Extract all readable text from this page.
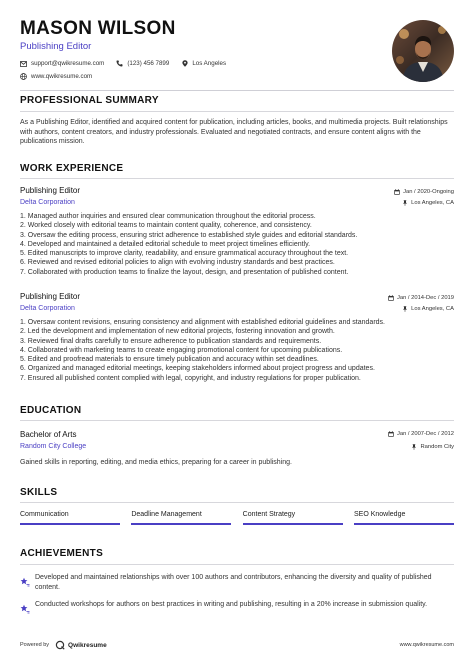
MASON WILSON
Publishing Editor
support@qwikresume.com	(123) 456 7899	Los Angeles
www.qwikresume.com
PROFESSIONAL SUMMARY
As a Publishing Editor, identified and acquired content for publication, including articles, books, and multimedia projects. Built relationships with authors, content creators, and industry professionals. Evaluated and negotiated contracts, and ensure content aligns with the publications mission.
WORK EXPERIENCE
Publishing Editor	Jan / 2020-Ongoing
Delta Corporation	Los Angeles, CA
1. Managed author inquiries and ensured clear communication throughout the editorial process.
2. Worked closely with editorial teams to maintain content quality, coherence, and consistency.
3. Oversaw the editing process, ensuring strict adherence to established style guides and editorial standards.
4. Developed and maintained a detailed editorial schedule to meet project timelines efficiently.
5. Edited manuscripts to improve clarity, readability, and ensure grammatical accuracy throughout the text.
6. Reviewed and revised editorial policies to align with evolving industry standards and best practices.
7. Collaborated with production teams to finalize the layout, design, and presentation of published content.
Publishing Editor	Jan / 2014-Dec / 2019
Delta Corporation	Los Angeles, CA
1. Oversaw content revisions, ensuring consistency and alignment with established editorial guidelines and standards.
2. Led the development and implementation of new editorial projects, fostering innovation and growth.
3. Reviewed final drafts carefully to ensure adherence to publication standards and requirements.
4. Collaborated with marketing teams to create engaging promotional content for upcoming publications.
5. Edited and proofread materials to ensure timely publication and accuracy within set deadlines.
6. Organized and managed editorial meetings, keeping stakeholders informed about project progress and updates.
7. Ensured all published content complied with legal, copyright, and industry regulations for proper publication.
EDUCATION
Bachelor of Arts	Jan / 2007-Dec / 2012
Random City College	Random City
Gained skills in reporting, editing, and media ethics, preparing for a career in publishing.
SKILLS
Communication	Deadline Management	Content Strategy	SEO Knowledge
ACHIEVEMENTS
Developed and maintained relationships with over 100 authors and contributors, enhancing the diversity and quality of published content.
Conducted workshops for authors on best practices in writing and publishing, resulting in a 20% increase in submission quality.
Powered by	Qwikresume	www.qwikresume.com
